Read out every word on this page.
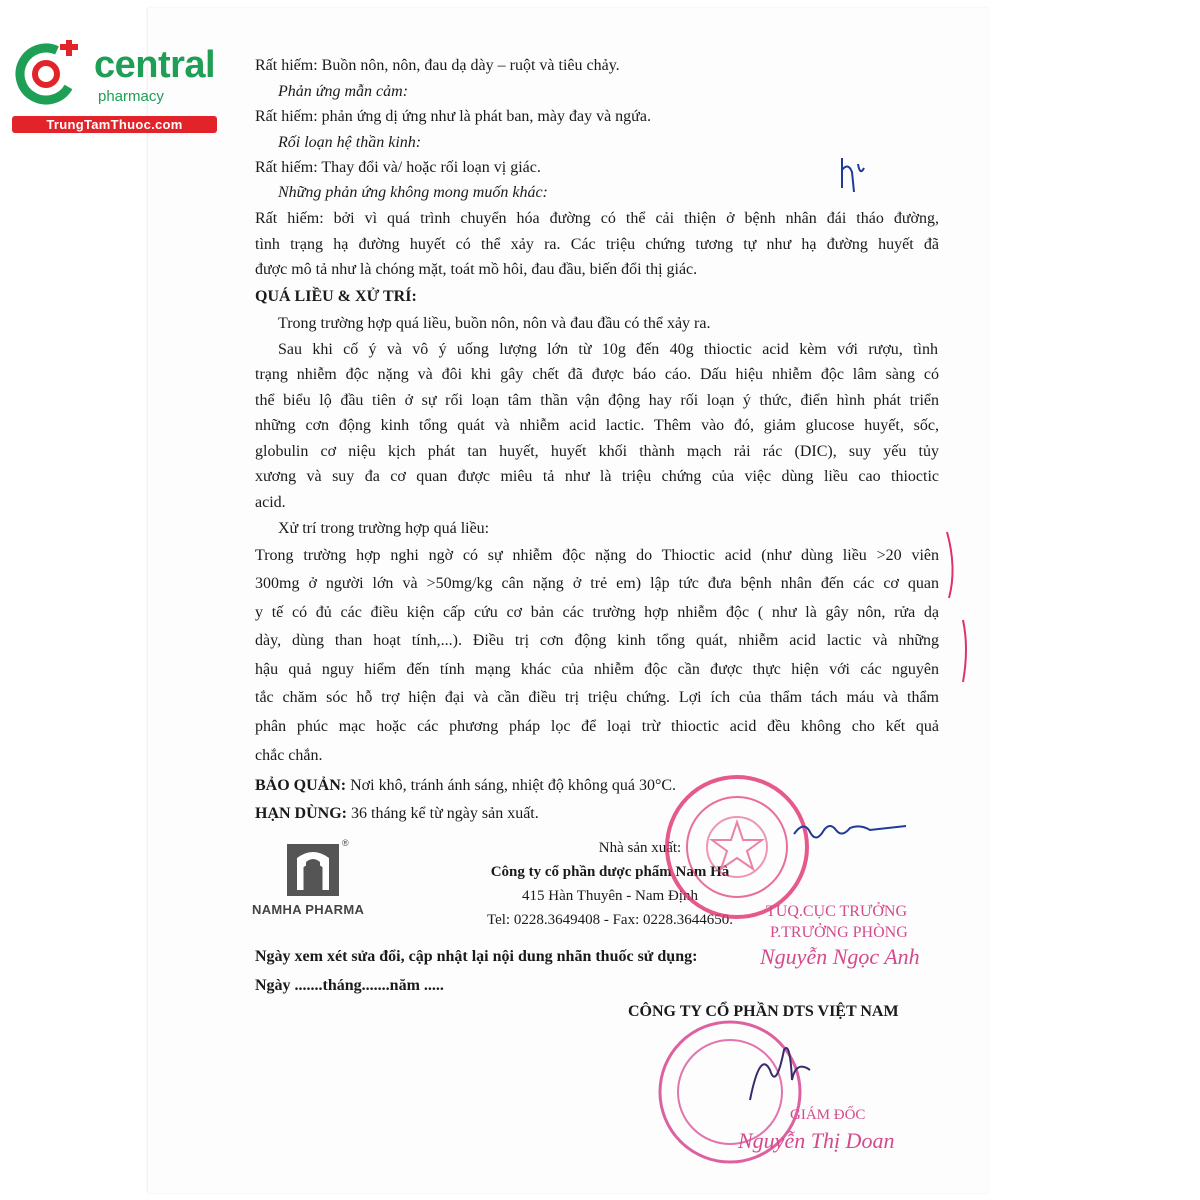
central
pharmacy
TrungTamThuoc.com
Rất hiếm: Buồn nôn, nôn, đau dạ dày – ruột và tiêu chảy.
Phản ứng mẫn cảm:
Rất hiếm: phản ứng dị ứng như là phát ban, mày đay và ngứa.
Rối loạn hệ thần kinh:
Rất hiếm: Thay đổi và/ hoặc rối loạn vị giác.
Những phản ứng không mong muốn khác:
Rất hiếm: bởi vì quá trình chuyển hóa đường có thể cải thiện ở bệnh nhân đái tháo đường,
tình trạng hạ đường huyết có thể xảy ra. Các triệu chứng tương tự như hạ đường huyết đã
được mô tả như là chóng mặt, toát mồ hôi, đau đầu, biến đổi thị giác.
QUÁ LIỀU & XỬ TRÍ:
Trong trường hợp quá liều, buồn nôn, nôn và đau đầu có thể xảy ra.
Sau khi cố ý và vô ý uống lượng lớn từ 10g đến 40g thioctic acid kèm với rượu, tình
trạng nhiễm độc nặng và đôi khi gây chết đã được báo cáo. Dấu hiệu nhiễm độc lâm sàng có
thể biểu lộ đầu tiên ở sự rối loạn tâm thần vận động hay rối loạn ý thức, điển hình phát triển
những cơn động kinh tổng quát và nhiễm acid lactic. Thêm vào đó, giảm glucose huyết, sốc,
globulin cơ niệu kịch phát tan huyết, huyết khối thành mạch rải rác (DIC), suy yếu tủy
xương và suy đa cơ quan được miêu tả như là triệu chứng của việc dùng liều cao thioctic
acid.
Xử trí trong trường hợp quá liều:
Trong trường hợp nghi ngờ có sự nhiễm độc nặng do Thioctic acid (như dùng liều >20 viên
300mg ở người lớn và >50mg/kg cân nặng ở trẻ em) lập tức đưa bệnh nhân đến các cơ quan
y tế có đủ các điều kiện cấp cứu cơ bản các trường hợp nhiễm độc ( như là gây nôn, rửa dạ
dày, dùng than hoạt tính,...). Điều trị cơn động kinh tổng quát, nhiễm acid lactic và những
hậu quả nguy hiểm đến tính mạng khác của nhiễm độc cần được thực hiện với các nguyên
tắc chăm sóc hỗ trợ hiện đại và cần điều trị triệu chứng. Lợi ích của thẩm tách máu và thẩm
phân phúc mạc hoặc các phương pháp lọc để loại trừ thioctic acid đều không cho kết quả
chắc chắn.
BẢO QUẢN: Nơi khô, tránh ánh sáng, nhiệt độ không quá 30°C.
HẠN DÙNG: 36 tháng kể từ ngày sản xuất.
®
NAMHA PHARMA
Nhà sản xuất:
Công ty cổ phần dược phẩm Nam Hà
415 Hàn Thuyên - Nam Định
Tel: 0228.3649408 - Fax: 0228.3644650.	TUQ.CỤC TRƯỞNG
P.TRƯỞNG PHÒNG
Nguyễn Ngọc Anh
Ngày xem xét sửa đổi, cập nhật lại nội dung nhãn thuốc sử dụng:
Ngày .......tháng.......năm .....
CÔNG TY CỔ PHẦN DTS VIỆT NAM
GIÁM ĐỐC
Nguyễn Thị Doan
